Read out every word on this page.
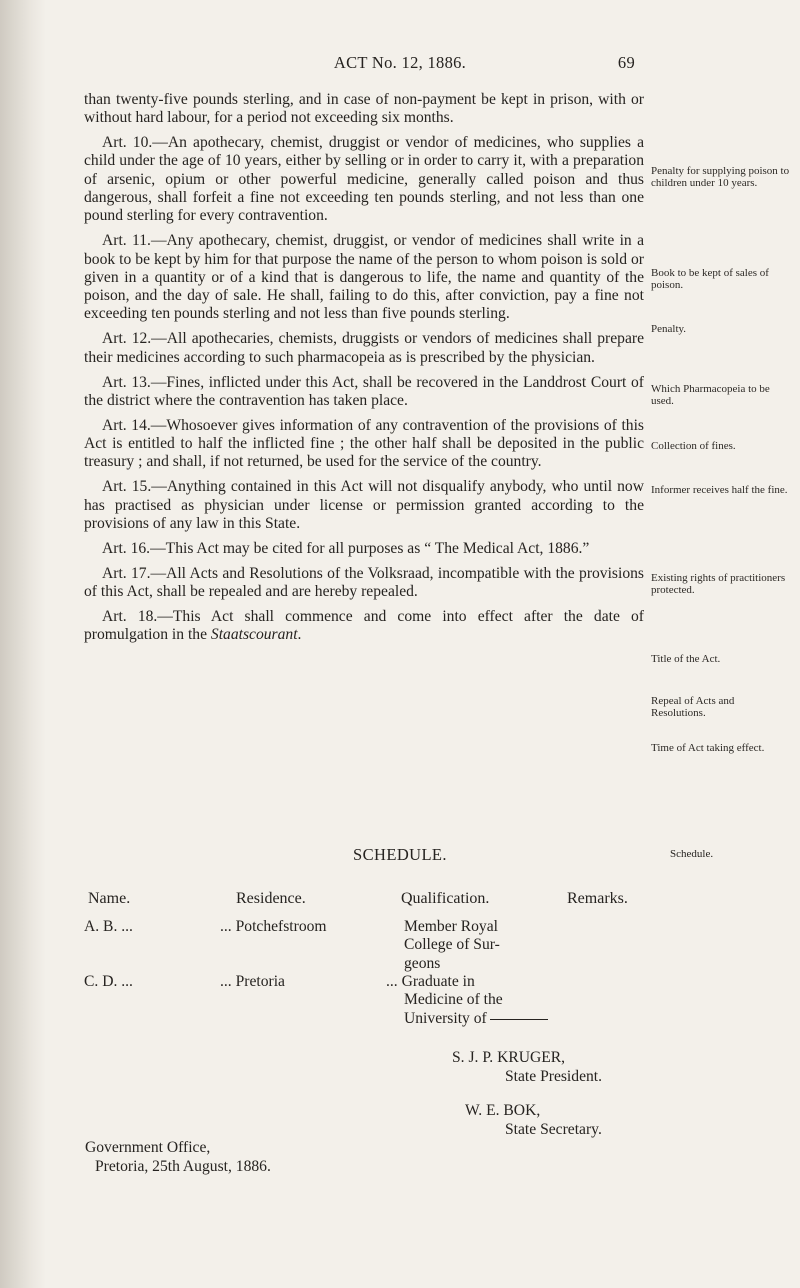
ACT No. 12, 1886.	69

than twenty-five pounds sterling, and in case of non-payment be kept in prison, with or without hard labour, for a period not exceeding six months.

Art. 10.—An apothecary, chemist, druggist or vendor of medicines, who supplies a child under the age of 10 years, either by selling or in order to carry it, with a preparation of arsenic, opium or other powerful medicine, generally called poison and thus dangerous, shall forfeit a fine not exceeding ten pounds sterling, and not less than one pound sterling for every contravention.

Art. 11.—Any apothecary, chemist, druggist, or vendor of medicines shall write in a book to be kept by him for that purpose the name of the person to whom poison is sold or given in a quantity or of a kind that is dangerous to life, the name and quantity of the poison, and the day of sale. He shall, failing to do this, after conviction, pay a fine not exceeding ten pounds sterling and not less than five pounds sterling.

Art. 12.—All apothecaries, chemists, druggists or vendors of medicines shall prepare their medicines according to such pharmacopeia as is prescribed by the physician.

Art. 13.—Fines, inflicted under this Act, shall be recovered in the Landdrost Court of the district where the contravention has taken place.

Art. 14.—Whosoever gives information of any contravention of the provisions of this Act is entitled to half the inflicted fine ; the other half shall be deposited in the public treasury ; and shall, if not returned, be used for the service of the country.

Art. 15.—Anything contained in this Act will not disqualify anybody, who until now has practised as physician under license or permission granted according to the provisions of any law in this State.

Art. 16.—This Act may be cited for all purposes as “ The Medical Act, 1886.”

Art. 17.—All Acts and Resolutions of the Volksraad, incompatible with the provisions of this Act, shall be repealed and are hereby repealed.

Art. 18.—This Act shall commence and come into effect after the date of promulgation in the Staatscourant.

Penalty for supplying poison to children under 10 years.
Book to be kept of sales of poison.
Penalty.
Which Pharmacopeia to be used.
Collection of fines.
Informer receives half the fine.
Existing rights of practitioners protected.
Title of the Act.
Repeal of Acts and Resolutions.
Time of Act taking effect.
SCHEDULE.	Schedule.
Name.	Residence.	Qualification.	Remarks.
A. B. ...	... Potchefstroom	Member Royal
College of Sur-
geons
C. D. ...	... Pretoria	... Graduate in
Medicine of the
University of
S. J. P. KRUGER,
State President.
W. E. BOK,
State Secretary.
Government Office,
Pretoria, 25th August, 1886.
